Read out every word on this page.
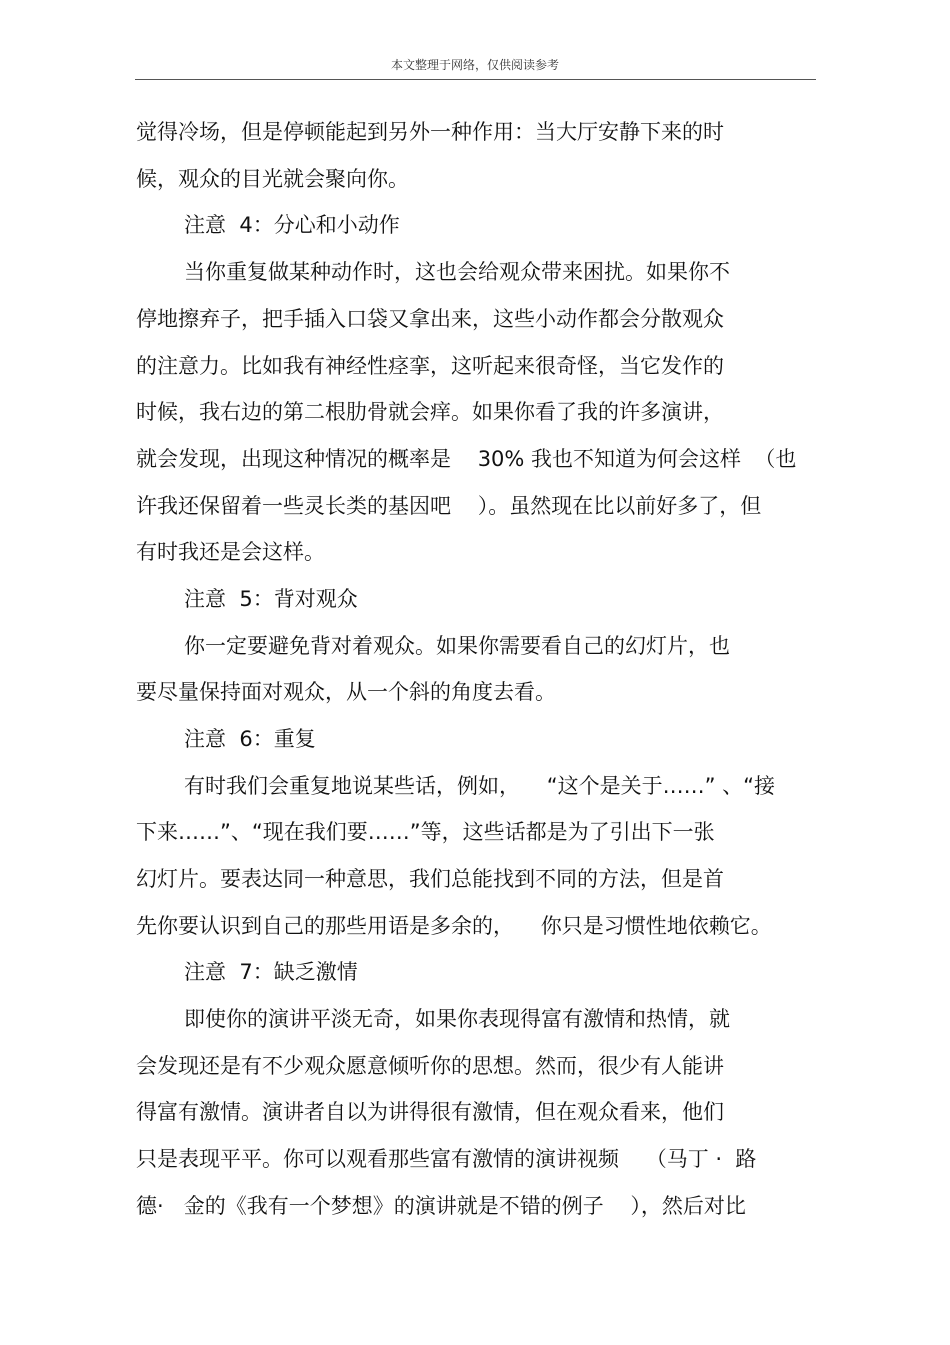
本文整理于网络，仅供阅读参考
觉得冷场，但是停顿能起到另外一种作用：当大厅安静下来的时
候，观众的目光就会聚向你。
注意  4：分心和小动作
当你重复做某种动作时，这也会给观众带来困扰。如果你不
停地擦弃子，把手插入口袋又拿出来，这些小动作都会分散观众
的注意力。比如我有神经性痉挛，这听起来很奇怪，当它发作的
时候，我右边的第二根肋骨就会痒。如果你看了我的许多演讲，
就会发现，出现这种情况的概率是    30% 我也不知道为何会这样  （也
许我还保留着一些灵长类的基因吧    ）。虽然现在比以前好多了，但
有时我还是会这样。
注意  5：背对观众
你一定要避免背对着观众。如果你需要看自己的幻灯片，也
要尽量保持面对观众，从一个斜的角度去看。
注意  6：重复
有时我们会重复地说某些话，例如，    “这个是关于……” 、“接
下来……”、“现在我们要……”等，这些话都是为了引出下一张
幻灯片。要表达同一种意思，我们总能找到不同的方法，但是首
先你要认识到自己的那些用语是多余的，    你只是习惯性地依赖它。
注意  7：缺乏激情
即使你的演讲平淡无奇，如果你表现得富有激情和热情，就
会发现还是有不少观众愿意倾听你的思想。然而，很少有人能讲
得富有激情。演讲者自以为讲得很有激情，但在观众看来，他们
只是表现平平。你可以观看那些富有激情的演讲视频    （马丁 ·  路
德·   金的《我有一个梦想》的演讲就是不错的例子    ），然后对比
